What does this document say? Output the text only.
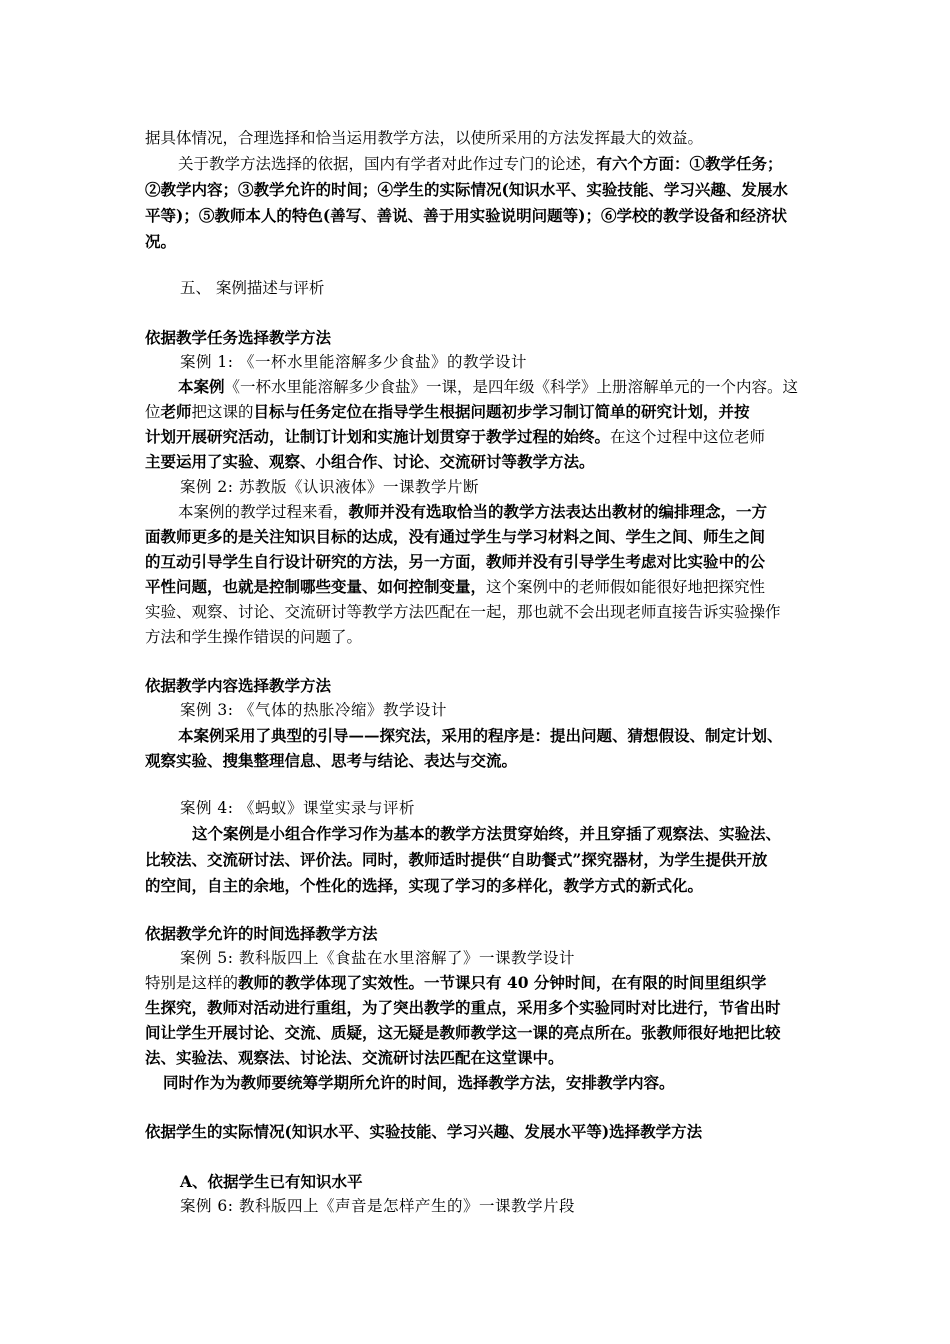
据具体情况，合理选择和恰当运用教学方法，以使所采用的方法发挥最大的效益。
关于教学方法选择的依据，国内有学者对此作过专门的论述，有六个方面：①教学任务；
②教学内容；③教学允许的时间；④学生的实际情况(知识水平、实验技能、学习兴趣、发展水
平等)；⑤教师本人的特色(善写、善说、善于用实验说明问题等)；⑥学校的教学设备和经济状
况。
五、 案例描述与评析
依据教学任务选择教学方法
案例 1: 《一杯水里能溶解多少食盐》的教学设计
本案例《一杯水里能溶解多少食盐》一课，是四年级《科学》上册溶解单元的一个内容。这
位老师把这课的目标与任务定位在指导学生根据问题初步学习制订简单的研究计划，并按
计划开展研究活动，让制订计划和实施计划贯穿于教学过程的始终。在这个过程中这位老师
主要运用了实验、观察、小组合作、讨论、交流研讨等教学方法。
案例 2: 苏教版《认识液体》一课教学片断
本案例的教学过程来看，教师并没有选取恰当的教学方法表达出教材的编排理念，一方
面教师更多的是关注知识目标的达成，没有通过学生与学习材料之间、学生之间、师生之间
的互动引导学生自行设计研究的方法，另一方面，教师并没有引导学生考虑对比实验中的公
平性问题，也就是控制哪些变量、如何控制变量，这个案例中的老师假如能很好地把探究性
实验、观察、讨论、交流研讨等教学方法匹配在一起，那也就不会出现老师直接告诉实验操作
方法和学生操作错误的问题了。
依据教学内容选择教学方法
案例 3: 《气体的热胀冷缩》教学设计
本案例采用了典型的引导——探究法，采用的程序是：提出问题、猜想假设、制定计划、
观察实验、搜集整理信息、思考与结论、表达与交流。
案例 4: 《蚂蚁》课堂实录与评析
这个案例是小组合作学习作为基本的教学方法贯穿始终，并且穿插了观察法、实验法、
比较法、交流研讨法、评价法。同时，教师适时提供“自助餐式”探究器材，为学生提供开放
的空间，自主的余地，个性化的选择，实现了学习的多样化，教学方式的新式化。
依据教学允许的时间选择教学方法
案例 5: 教科版四上《食盐在水里溶解了》一课教学设计
特别是这样的教师的教学体现了实效性。一节课只有 40 分钟时间，在有限的时间里组织学
生探究，教师对活动进行重组，为了突出教学的重点，采用多个实验同时对比进行，节省出时
间让学生开展讨论、交流、质疑，这无疑是教师教学这一课的亮点所在。张教师很好地把比较
法、实验法、观察法、讨论法、交流研讨法匹配在这堂课中。
同时作为为教师要统筹学期所允许的时间，选择教学方法，安排教学内容。
依据学生的实际情况(知识水平、实验技能、学习兴趣、发展水平等)选择教学方法
A、依据学生已有知识水平
案例 6: 教科版四上《声音是怎样产生的》一课教学片段
